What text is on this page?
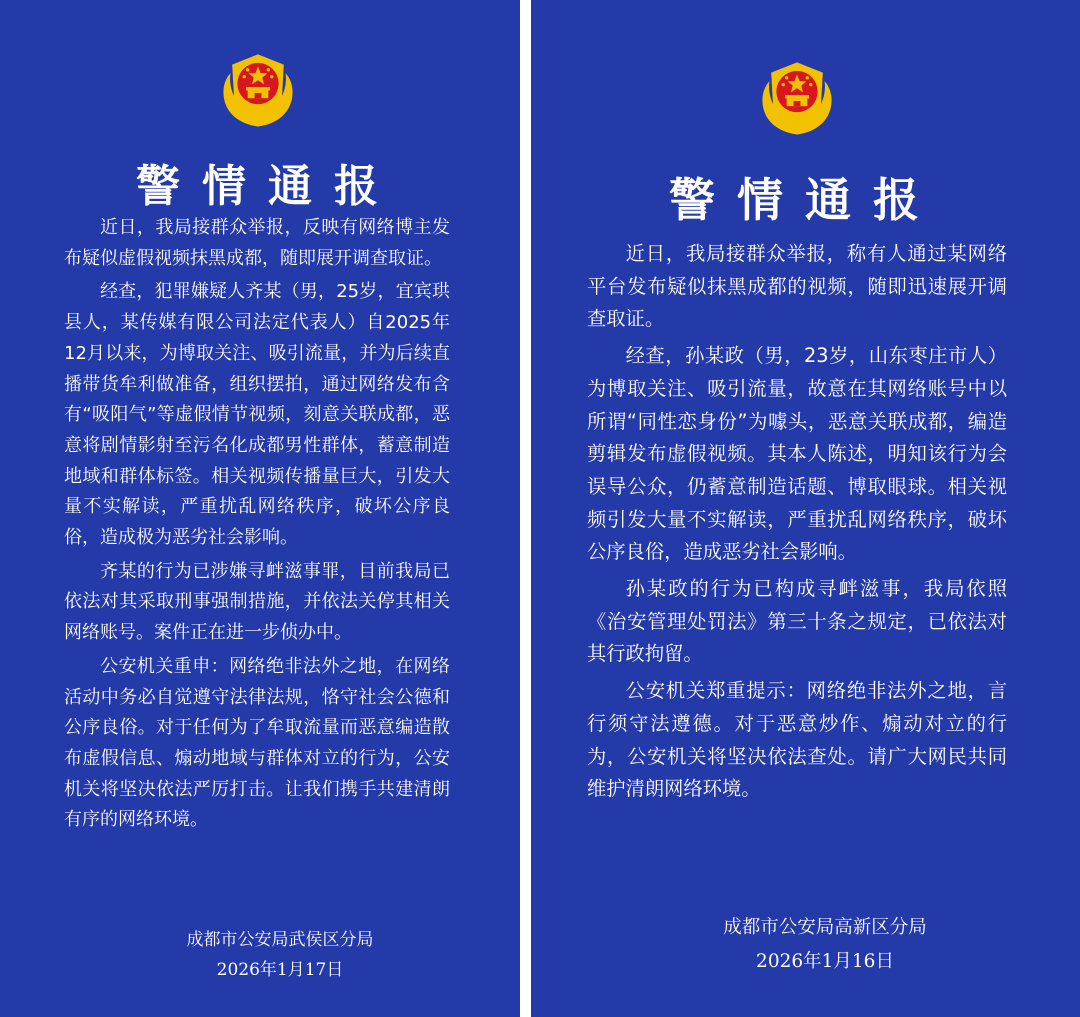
警情通报

近日，我局接群众举报，反映有网络博主发布疑似虚假视频抹黑成都，随即展开调查取证。

经查，犯罪嫌疑人齐某（男，25岁，宜宾珙县人，某传媒有限公司法定代表人）自2025年12月以来，为博取关注、吸引流量，并为后续直播带货牟利做准备，组织摆拍，通过网络发布含有“吸阳气”等虚假情节视频，刻意关联成都，恶意将剧情影射至污名化成都男性群体，蓄意制造地域和群体标签。相关视频传播量巨大，引发大量不实解读，严重扰乱网络秩序，破坏公序良俗，造成极为恶劣社会影响。

齐某的行为已涉嫌寻衅滋事罪，目前我局已依法对其采取刑事强制措施，并依法关停其相关网络账号。案件正在进一步侦办中。

公安机关重申：网络绝非法外之地，在网络活动中务必自觉遵守法律法规，恪守社会公德和公序良俗。对于任何为了牟取流量而恶意编造散布虚假信息、煽动地域与群体对立的行为，公安机关将坚决依法严厉打击。让我们携手共建清朗有序的网络环境。

成都市公安局武侯区分局
2026年1月17日
警情通报

近日，我局接群众举报，称有人通过某网络平台发布疑似抹黑成都的视频，随即迅速展开调查取证。

经查，孙某政（男，23岁，山东枣庄市人）为博取关注、吸引流量，故意在其网络账号中以所谓“同性恋身份”为噱头，恶意关联成都，编造剪辑发布虚假视频。其本人陈述，明知该行为会误导公众，仍蓄意制造话题、博取眼球。相关视频引发大量不实解读，严重扰乱网络秩序，破坏公序良俗，造成恶劣社会影响。

孙某政的行为已构成寻衅滋事，我局依照《治安管理处罚法》第三十条之规定，已依法对其行政拘留。

公安机关郑重提示：网络绝非法外之地，言行须守法遵德。对于恶意炒作、煽动对立的行为，公安机关将坚决依法查处。请广大网民共同维护清朗网络环境。

成都市公安局高新区分局
2026年1月16日
